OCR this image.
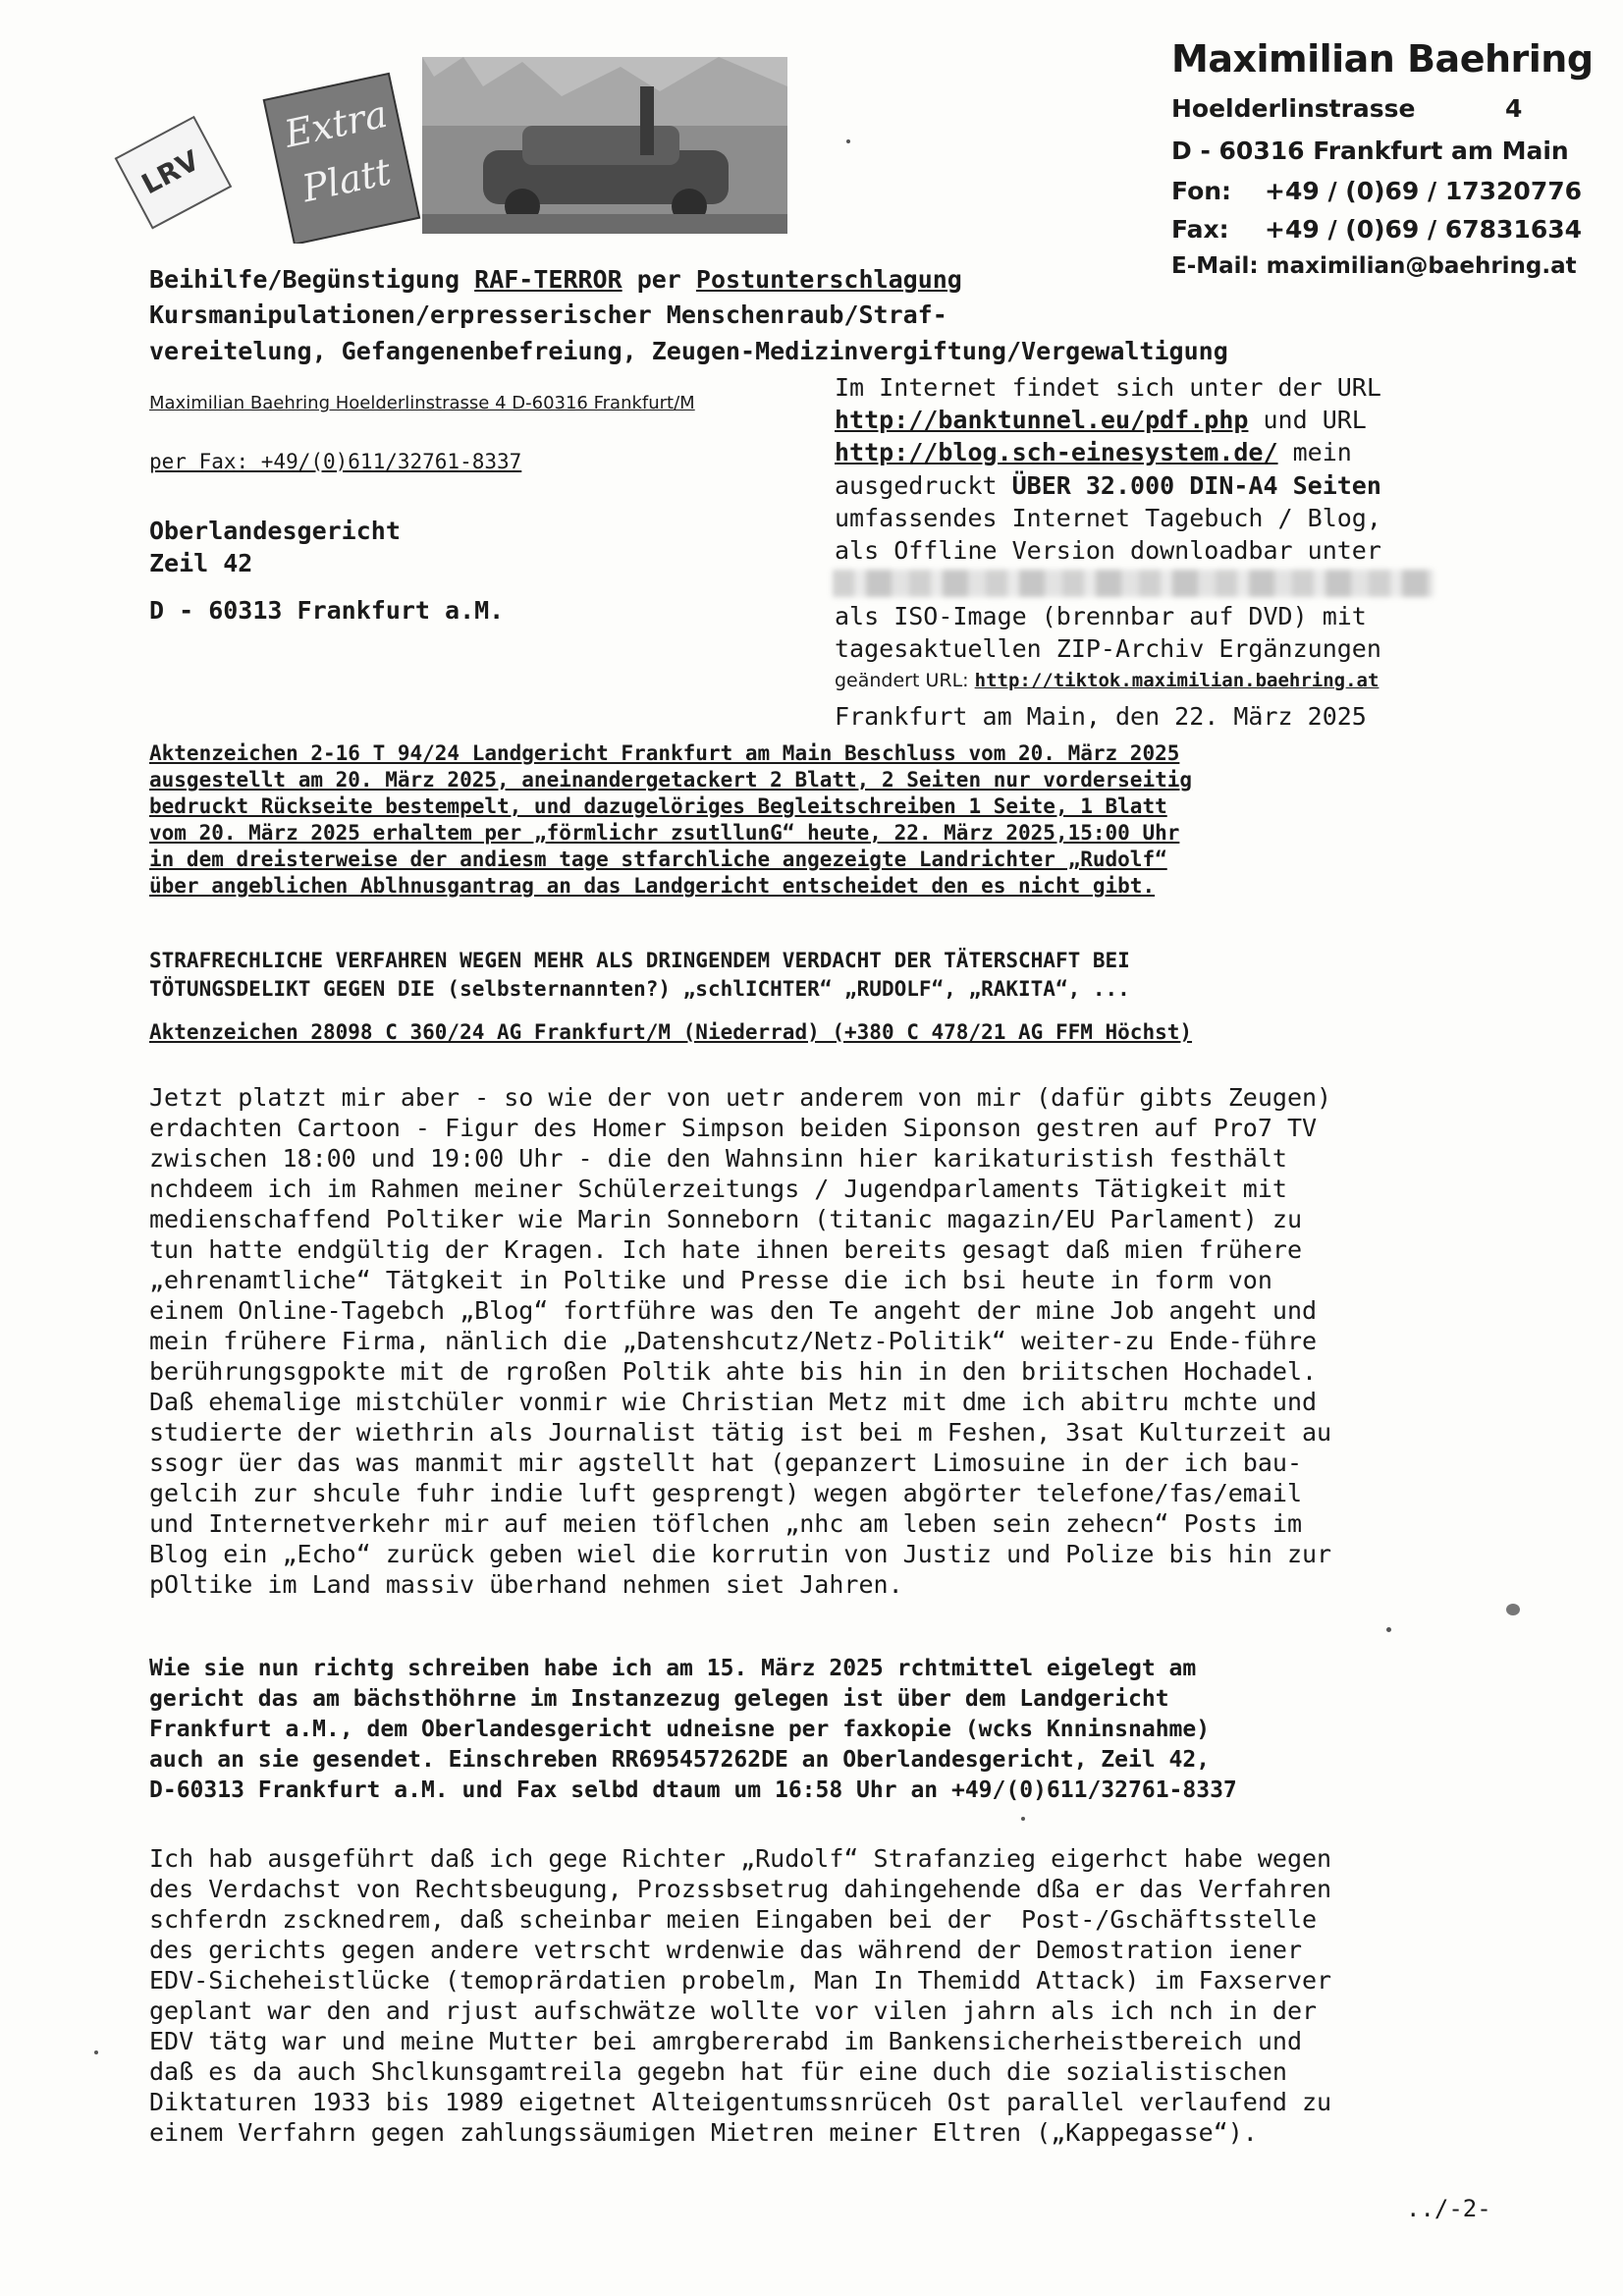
Maximilian Baehring
Hoelderlinstrasse	4
D - 60316 Frankfurt am Main
Fon: +49 / (0)69 / 17320776
Fax: +49 / (0)69 / 67831634
E-Mail: maximilian@baehring.at
LRV
Extra
Platt
Beihilfe/Begünstigung RAF-TERROR per Postunterschlagung
Kursmanipulationen/erpresserischer Menschenraub/Straf-
vereitelung, Gefangenenbefreiung, Zeugen-Medizinvergiftung/Vergewaltigung
Maximilian Baehring Hoelderlinstrasse 4 D-60316 Frankfurt/M
per Fax: +49/(0)611/32761-8337
Oberlandesgericht
Zeil 42
D - 60313 Frankfurt a.M.
Im Internet findet sich unter der URL
http://banktunnel.eu/pdf.php und URL
http://blog.sch-einesystem.de/ mein
ausgedruckt ÜBER 32.000 DIN-A4 Seiten
umfassendes Internet Tagebuch / Blog,
als Offline Version downloadbar unter
als ISO-Image (brennbar auf DVD) mit
tagesaktuellen ZIP-Archiv Ergänzungen
geändert URL: http://tiktok.maximilian.baehring.at
Frankfurt am Main, den 22. März 2025
Aktenzeichen 2-16 T 94/24 Landgericht Frankfurt am Main Beschluss vom 20. März 2025
ausgestellt am 20. März 2025, aneinandergetackert 2 Blatt, 2 Seiten nur vorderseitig
bedruckt Rückseite bestempelt, und dazugelöriges Begleitschreiben 1 Seite, 1 Blatt
vom 20. März 2025 erhaltem per „förmlichr zsutllunG“ heute, 22. März 2025,15:00 Uhr
in dem dreisterweise der andiesm tage stfarchliche angezeigte Landrichter „Rudolf“
über angeblichen Ablhnusgantrag an das Landgericht entscheidet den es nicht gibt.
STRAFRECHLICHE VERFAHREN WEGEN MEHR ALS DRINGENDEM VERDACHT DER TÄTERSCHAFT BEI
TÖTUNGSDELIKT GEGEN DIE (selbsternannten?) „schlICHTER“ „RUDOLF“, „RAKITA“, ...
Aktenzeichen 28098 C 360/24 AG Frankfurt/M (Niederrad) (+380 C 478/21 AG FFM Höchst)
Jetzt platzt mir aber - so wie der von uetr anderem von mir (dafür gibts Zeugen)
erdachten Cartoon - Figur des Homer Simpson beiden Siponson gestren auf Pro7 TV
zwischen 18:00 und 19:00 Uhr - die den Wahnsinn hier karikaturistish festhält
nchdeem ich im Rahmen meiner Schülerzeitungs / Jugendparlaments Tätigkeit mit
medienschaffend Poltiker wie Marin Sonneborn (titanic magazin/EU Parlament) zu
tun hatte endgültig der Kragen. Ich hate ihnen bereits gesagt daß mien frühere
„ehrenamtliche“ Tätgkeit in Poltike und Presse die ich bsi heute in form von
einem Online-Tagebch „Blog“ fortführe was den Te angeht der mine Job angeht und
mein frühere Firma, nänlich die „Datenshcutz/Netz-Politik“ weiter-zu Ende-führe
berührungsgpokte mit de rgroßen Poltik ahte bis hin in den briitschen Hochadel.
Daß ehemalige mistchüler vonmir wie Christian Metz mit dme ich abitru mchte und
studierte der wiethrin als Journalist tätig ist bei m Feshen, 3sat Kulturzeit au
ssogr üer das was manmit mir agstellt hat (gepanzert Limosuine in der ich bau-
gelcih zur shcule fuhr indie luft gesprengt) wegen abgörter telefone/fas/email
und Internetverkehr mir auf meien töflchen „nhc am leben sein zehecn“ Posts im
Blog ein „Echo“ zurück geben wiel die korrutin von Justiz und Polize bis hin zur
pOltike im Land massiv überhand nehmen siet Jahren.
Wie sie nun richtg schreiben habe ich am 15. März 2025 rchtmittel eigelegt am
gericht das am bächsthöhrne im Instanzezug gelegen ist über dem Landgericht
Frankfurt a.M., dem Oberlandesgericht udneisne per faxkopie (wcks Knninsnahme)
auch an sie gesendet. Einschreben RR695457262DE an Oberlandesgericht, Zeil 42,
D-60313 Frankfurt a.M. und Fax selbd dtaum um 16:58 Uhr an +49/(0)611/32761-8337
Ich hab ausgeführt daß ich gege Richter „Rudolf“ Strafanzieg eigerhct habe wegen
des Verdachst von Rechtsbeugung, Prozssbsetrug dahingehende dßa er das Verfahren
schferdn zscknedrem, daß scheinbar meien Eingaben bei der  Post-/Gschäftsstelle
des gerichts gegen andere vetrscht wrdenwie das während der Demostration iener
EDV-Sicheheistlücke (temoprärdatien probelm, Man In Themidd Attack) im Faxserver
geplant war den and rjust aufschwätze wollte vor vilen jahrn als ich nch in der
EDV tätg war und meine Mutter bei amrgbererabd im Bankensicherheistbereich und
daß es da auch Shclkunsgamtreila gegebn hat für eine duch die sozialistischen
Diktaturen 1933 bis 1989 eigetnet Alteigentumssnrüceh Ost parallel verlaufend zu
einem Verfahrn gegen zahlungssäumigen Mietren meiner Eltren („Kappegasse“).
../-2-
